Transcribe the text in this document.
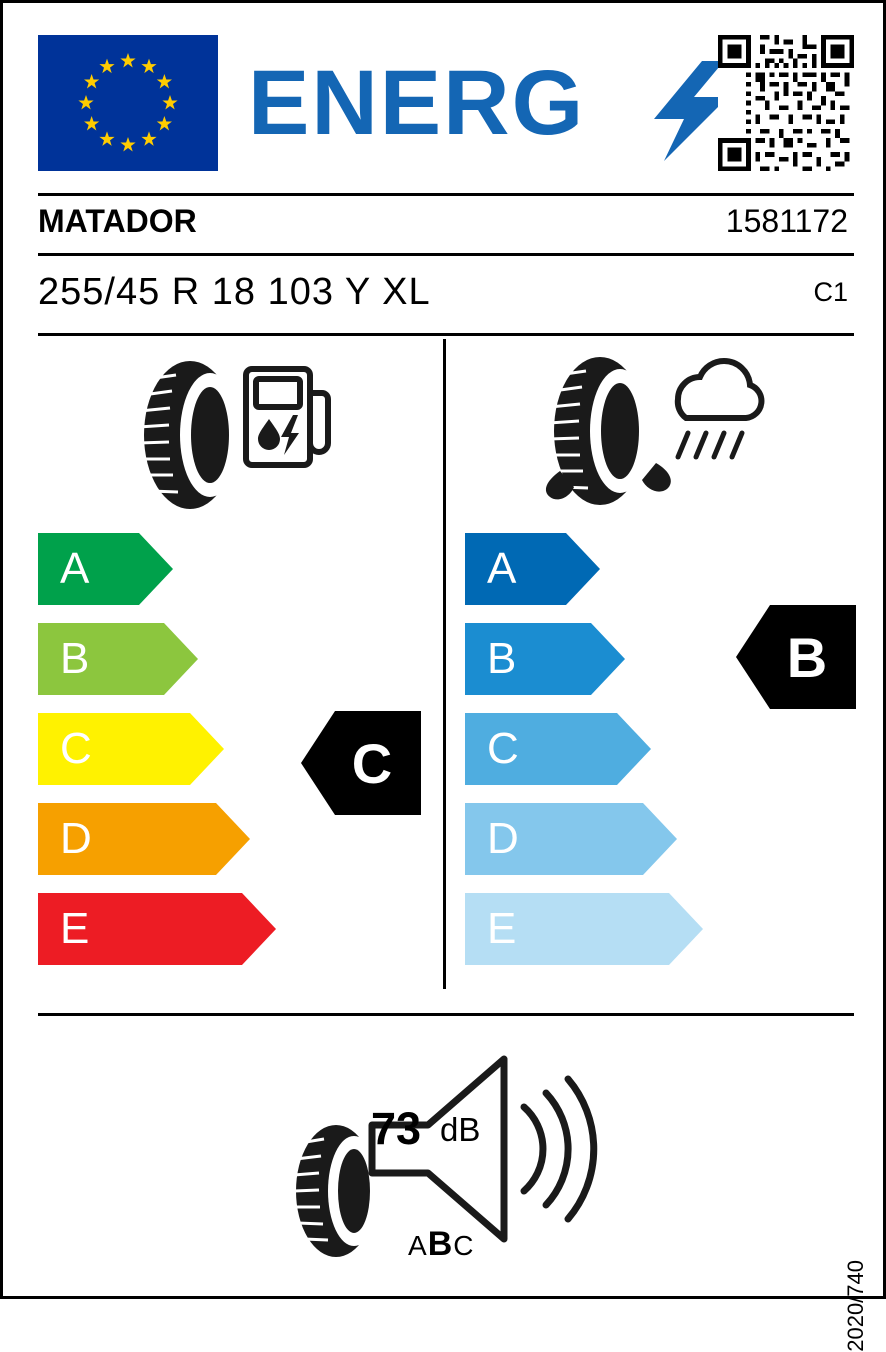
ENERG
MATADOR	1581172
255/45 R 18 103 Y XL	C1
A
B
C
D
E
A
B
C
D
E
C
B
73 dB
ABC
2020/740
